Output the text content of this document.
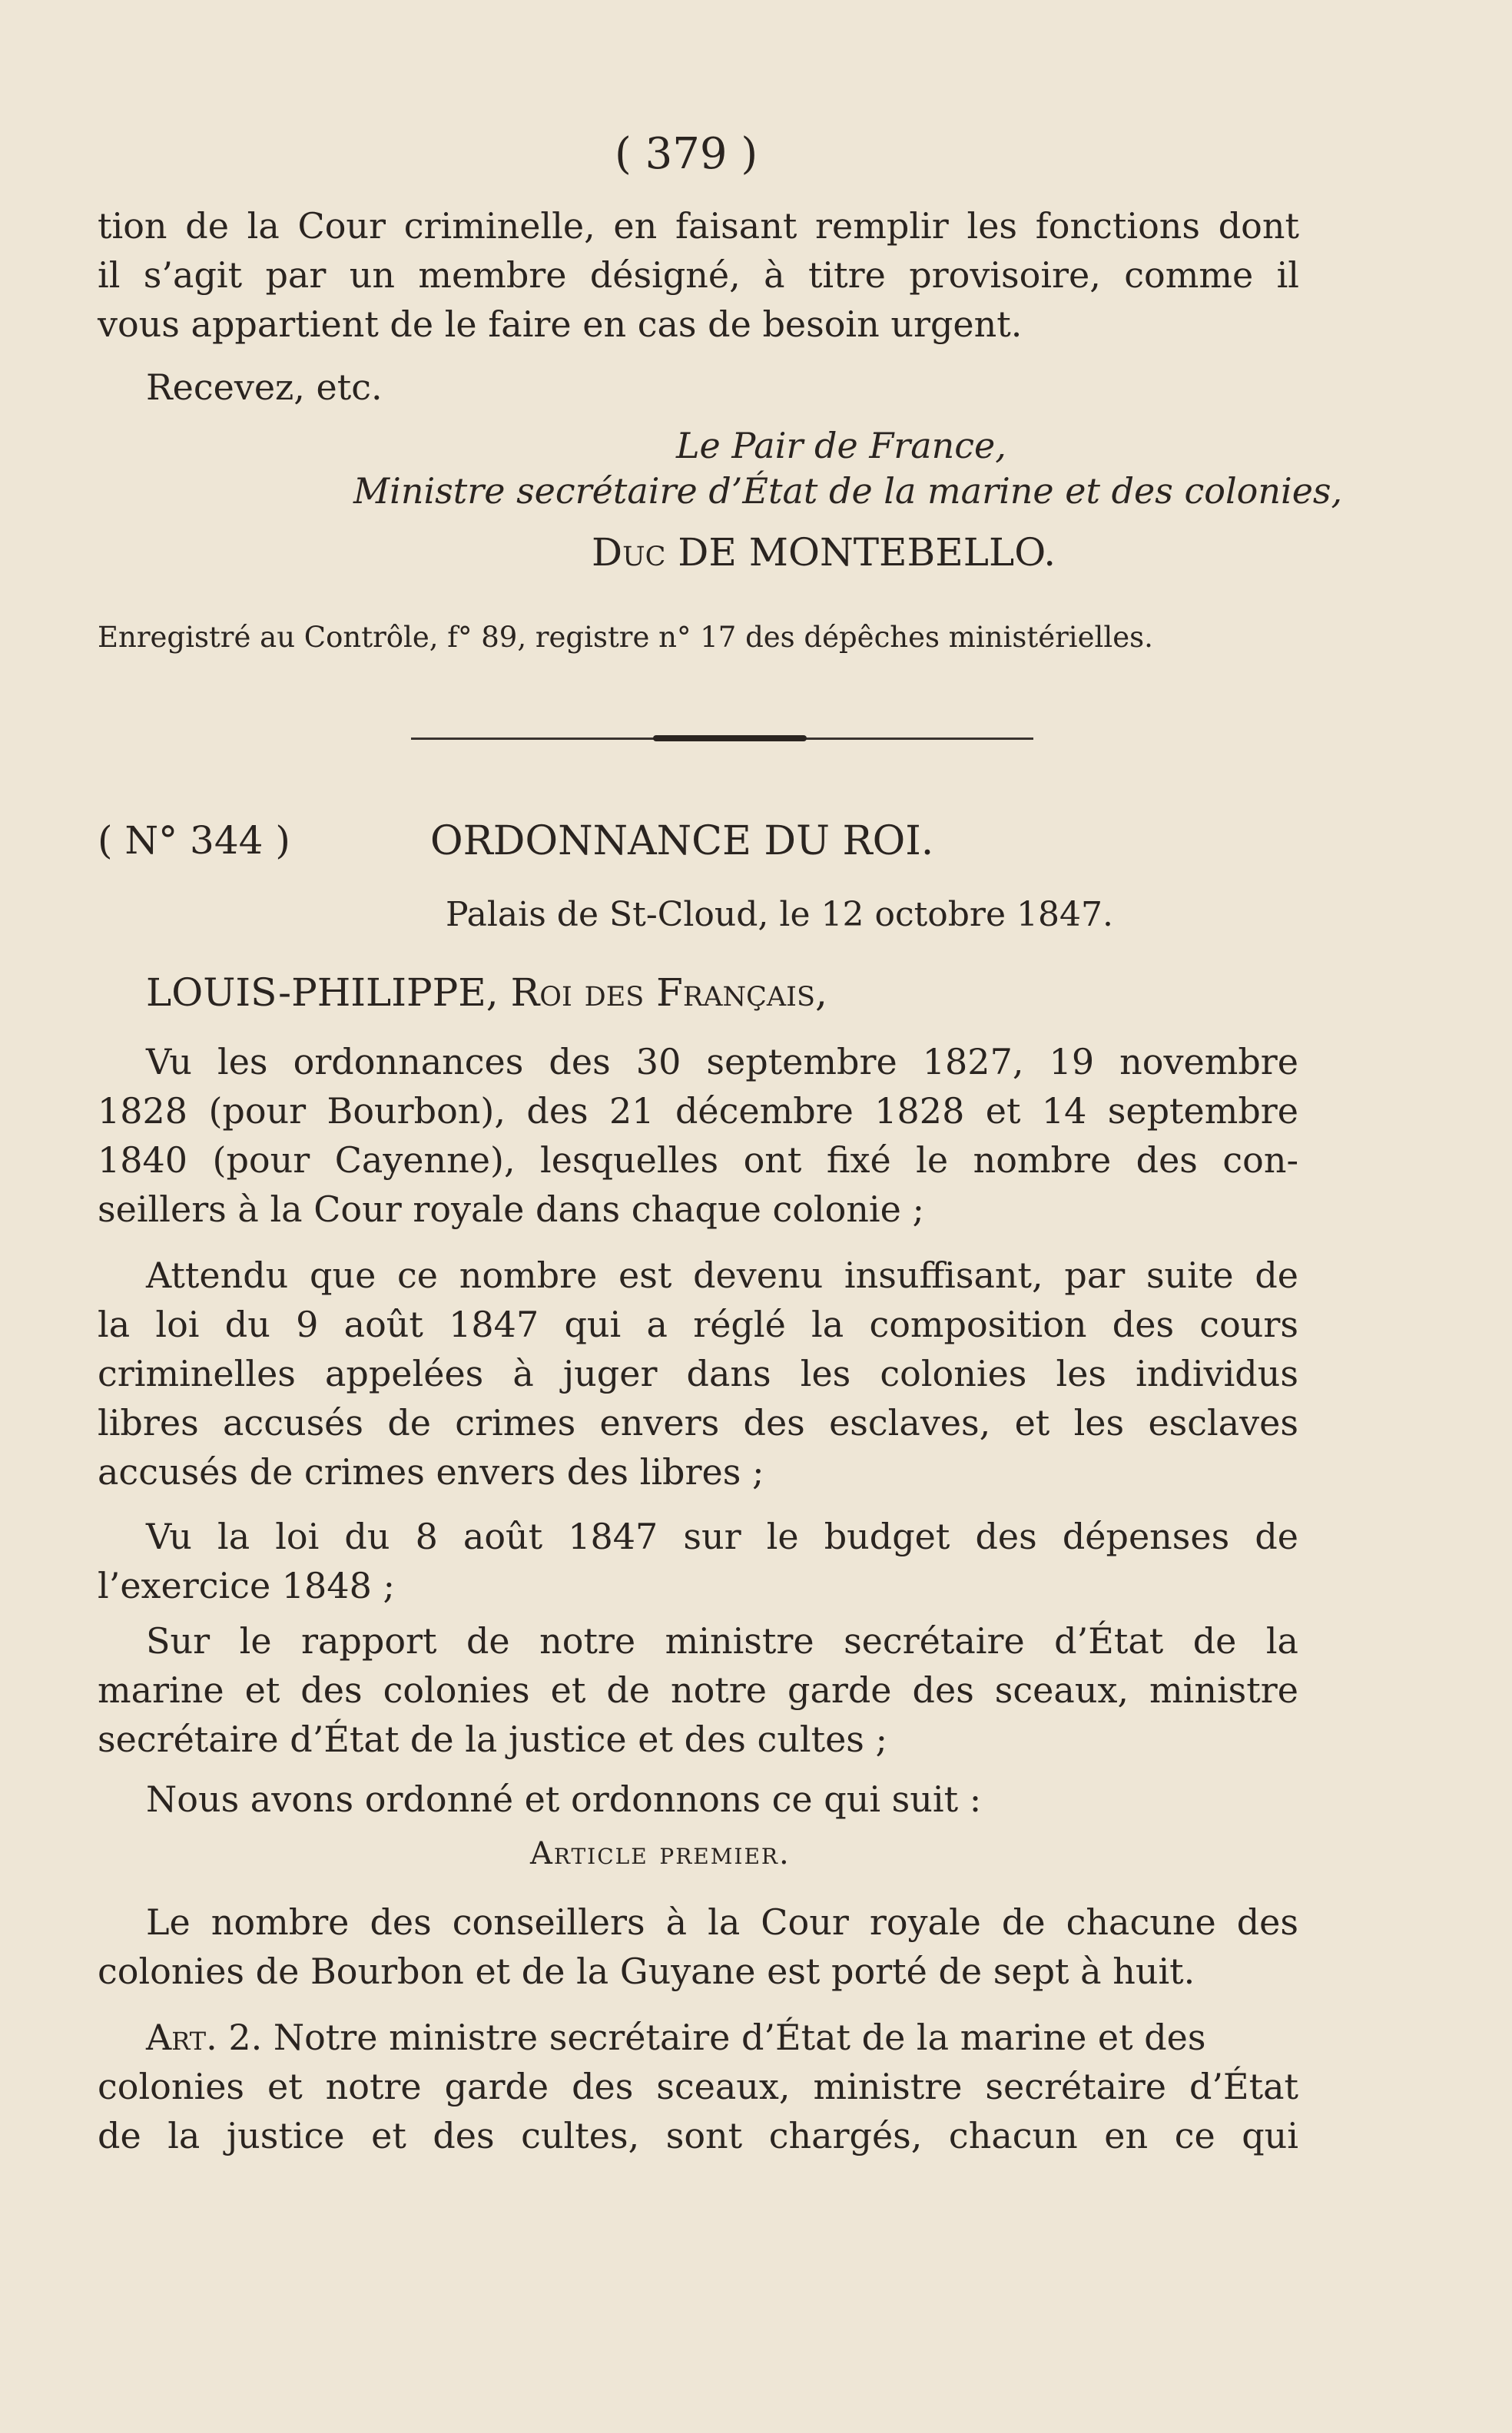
( 379 )
tion de la Cour criminelle, en faisant remplir les fonctions dont
il s’agit par un membre désigné, à titre provisoire, comme il
vous appartient de le faire en cas de besoin urgent.
Recevez, etc.
Le Pair de France,
Ministre secrétaire d’État de la marine et des colonies,
Duc DE MONTEBELLO.
Enregistré au Contrôle, f° 89, registre n° 17 des dépêches ministérielles.
( N° 344 )	ORDONNANCE DU ROI.
Palais de St-Cloud, le 12 octobre 1847.
LOUIS-PHILIPPE, Roi des Français,
Vu les ordonnances des 30 septembre 1827, 19 novembre
1828 (pour Bourbon), des 21 décembre 1828 et 14 septembre
1840 (pour Cayenne), lesquelles ont fixé le nombre des con-
seillers à la Cour royale dans chaque colonie ;
Attendu que ce nombre est devenu insuffisant, par suite de
la loi du 9 août 1847 qui a réglé la composition des cours
criminelles appelées à juger dans les colonies les individus
libres accusés de crimes envers des esclaves, et les esclaves
accusés de crimes envers des libres ;
Vu la loi du 8 août 1847 sur le budget des dépenses de
l’exercice 1848 ;
Sur le rapport de notre ministre secrétaire d’État de la
marine et des colonies et de notre garde des sceaux, ministre
secrétaire d’État de la justice et des cultes ;
Nous avons ordonné et ordonnons ce qui suit :
Article premier.
Le nombre des conseillers à la Cour royale de chacune des
colonies de Bourbon et de la Guyane est porté de sept à huit.
Art. 2. Notre ministre secrétaire d’État de la marine et des
colonies et notre garde des sceaux, ministre secrétaire d’État
de la justice et des cultes, sont chargés, chacun en ce qui
